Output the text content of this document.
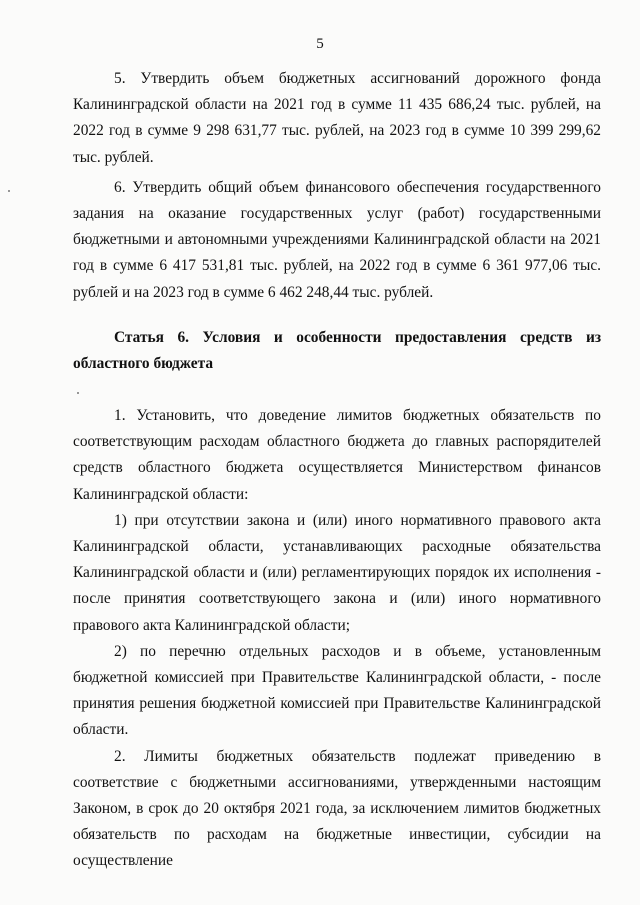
5

5. Утвердить объем бюджетных ассигнований дорожного фонда Калининградской области на 2021 год в сумме 11 435 686,24 тыс. рублей, на 2022 год в сумме 9 298 631,77 тыс. рублей, на 2023 год в сумме 10 399 299,62 тыс. рублей.

6. Утвердить общий объем финансового обеспечения государственного задания на оказание государственных услуг (работ) государственными бюджетными и автономными учреждениями Калининградской области на 2021 год в сумме 6 417 531,81 тыс. рублей, на 2022 год в сумме 6 361 977,06 тыс. рублей и на 2023 год в сумме 6 462 248,44 тыс. рублей.

Статья 6. Условия и особенности предоставления средств из областного бюджета

1. Установить, что доведение лимитов бюджетных обязательств по соответствующим расходам областного бюджета до главных распорядителей средств областного бюджета осуществляется Министерством финансов Калининградской области:

1) при отсутствии закона и (или) иного нормативного правового акта Калининградской области, устанавливающих расходные обязательства Калининградской области и (или) регламентирующих порядок их исполнения - после принятия соответствующего закона и (или) иного нормативного правового акта Калининградской области;

2) по перечню отдельных расходов и в объеме, установленным бюджетной комиссией при Правительстве Калининградской области, - после принятия решения бюджетной комиссией при Правительстве Калининградской области.

2. Лимиты бюджетных обязательств подлежат приведению в соответствие с бюджетными ассигнованиями, утвержденными настоящим Законом, в срок до 20 октября 2021 года, за исключением лимитов бюджетных обязательств по расходам на бюджетные инвестиции, субсидии на осуществление
